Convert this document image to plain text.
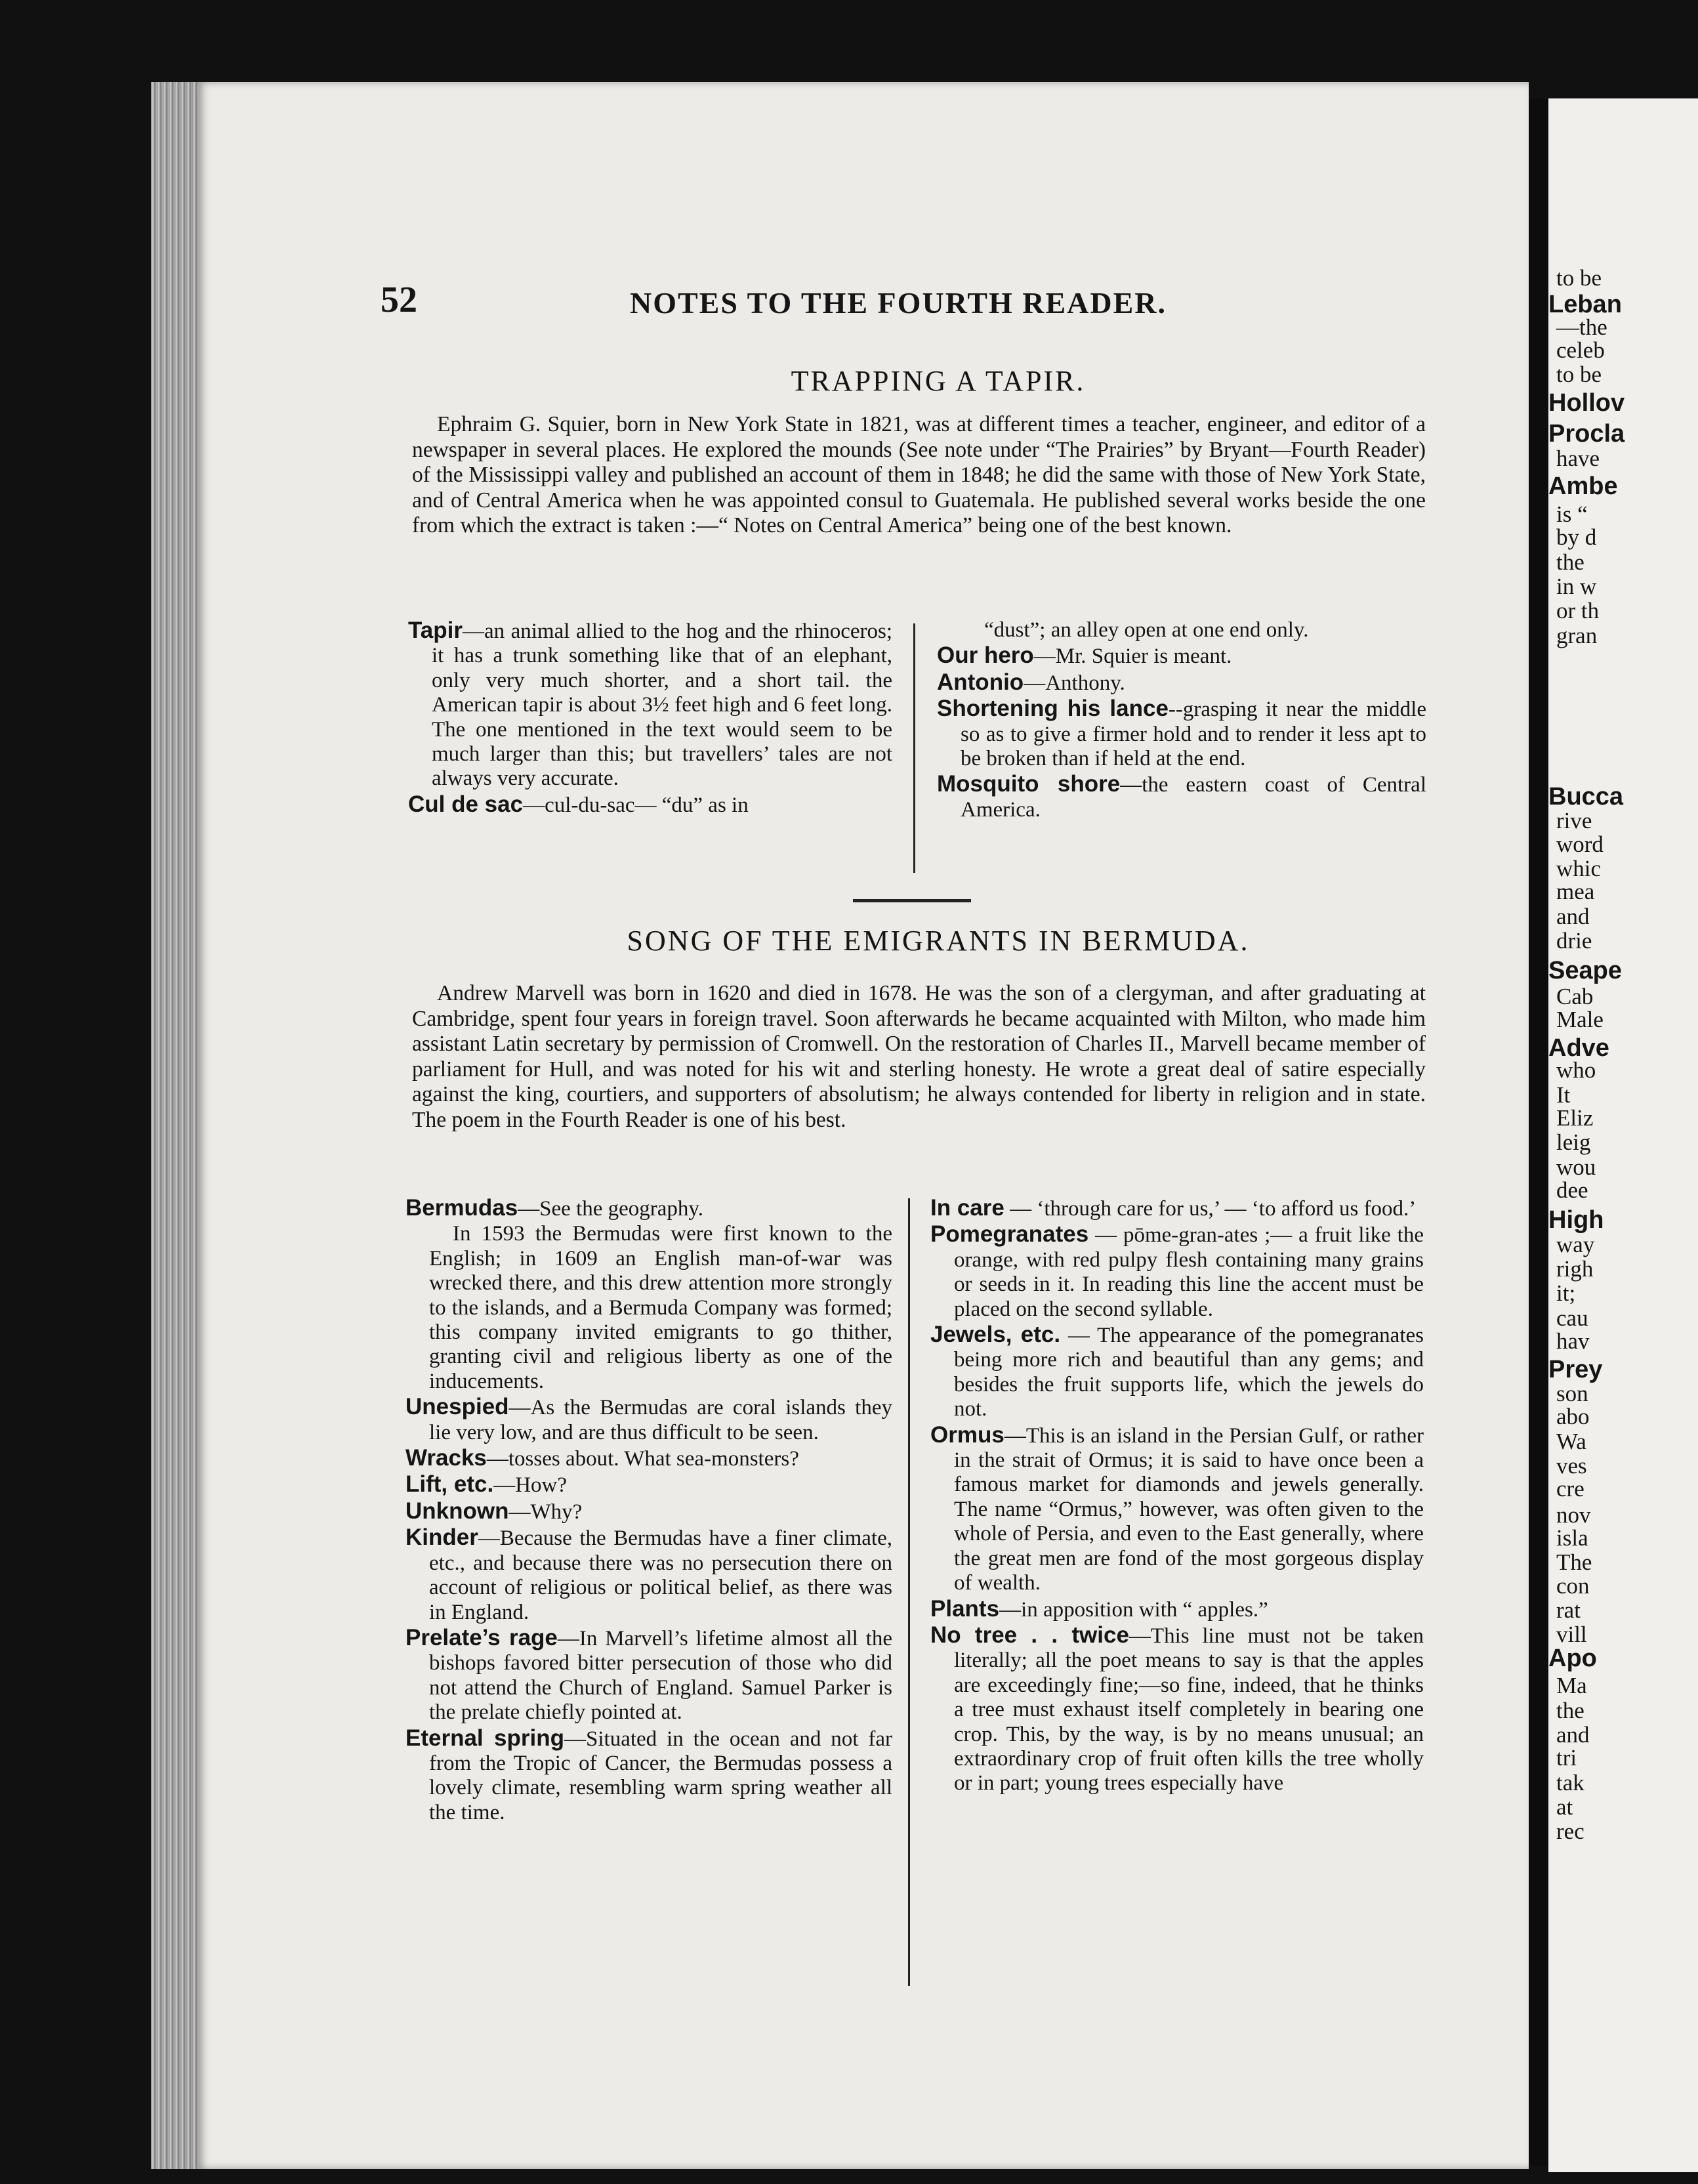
to be
Leban
—the
celeb
to be
Hollov
Procla
have
Ambe
is “
by d
the
in w
or th
gran
Bucca
rive
word
whic
mea
and
drie
Seape
Cab
Male
Adve
who
It
Eliz
leig
wou
dee
High
way
righ
it;
cau
hav
Prey
son
abo
Wa
ves
cre
nov
isla
The
con
rat
vill
Apo
Ma
the
and
tri
tak
at
rec
52	NOTES TO THE FOURTH READER.
TRAPPING A TAPIR.

Ephraim G. Squier, born in New York State in 1821, was at different times a teacher, engineer, and editor of a newspaper in several places. He explored the mounds (See note under “The Prairies” by Bryant—Fourth Reader) of the Mississippi valley and published an account of them in 1848; he did the same with those of New York State, and of Central America when he was appointed consul to Guatemala. He published several works beside the one from which the extract is taken :—“ Notes on Central America” being one of the best known.

Tapir—an animal allied to the hog and the rhinoceros; it has a trunk something like that of an elephant, only very much shorter, and a short tail. the American tapir is about 3½ feet high and 6 feet long. The one mentioned in the text would seem to be much larger than this; but travellers’ tales are not always very accurate.

Cul de sac—cul-du-sac— “du” as in

“dust”; an alley open at one end only.

Our hero—Mr. Squier is meant.

Antonio—Anthony.

Shortening his lance--grasping it near the middle so as to give a firmer hold and to render it less apt to be broken than if held at the end.

Mosquito shore—the eastern coast of Central America.

SONG OF THE EMIGRANTS IN BERMUDA.

Andrew Marvell was born in 1620 and died in 1678. He was the son of a clergyman, and after graduating at Cambridge, spent four years in foreign travel. Soon afterwards he became acquainted with Milton, who made him assistant Latin secretary by permission of Cromwell. On the restoration of Charles II., Marvell became member of parliament for Hull, and was noted for his wit and sterling honesty. He wrote a great deal of satire especially against the king, courtiers, and supporters of absolutism; he always contended for liberty in religion and in state. The poem in the Fourth Reader is one of his best.

Bermudas—See the geography.

In 1593 the Bermudas were first known to the English; in 1609 an English man-of-war was wrecked there, and this drew attention more strongly to the islands, and a Bermuda Company was formed; this company invited emigrants to go thither, granting civil and religious liberty as one of the inducements.

Unespied—As the Bermudas are coral islands they lie very low, and are thus difficult to be seen.

Wracks—tosses about. What sea-monsters?

Lift, etc.—How?

Unknown—Why?

Kinder—Because the Bermudas have a finer climate, etc., and because there was no persecution there on account of religious or political belief, as there was in England.

Prelate’s rage—In Marvell’s lifetime almost all the bishops favored bitter persecution of those who did not attend the Church of England. Samuel Parker is the prelate chiefly pointed at.

Eternal spring—Situated in the ocean and not far from the Tropic of Cancer, the Bermudas possess a lovely climate, resembling warm spring weather all the time.

In care — ‘through care for us,’ — ‘to afford us food.’

Pomegranates — pōme-gran-ates ;— a fruit like the orange, with red pulpy flesh containing many grains or seeds in it. In reading this line the accent must be placed on the second syllable.

Jewels, etc. — The appearance of the pomegranates being more rich and beautiful than any gems; and besides the fruit supports life, which the jewels do not.

Ormus—This is an island in the Persian Gulf, or rather in the strait of Ormus; it is said to have once been a famous market for diamonds and jewels generally. The name “Ormus,” however, was often given to the whole of Persia, and even to the East generally, where the great men are fond of the most gorgeous display of wealth.

Plants—in apposition with “ apples.”

No tree . . twice—This line must not be taken literally; all the poet means to say is that the apples are exceedingly fine;—so fine, indeed, that he thinks a tree must exhaust itself completely in bearing one crop. This, by the way, is by no means unusual; an extraordinary crop of fruit often kills the tree wholly or in part; young trees especially have
